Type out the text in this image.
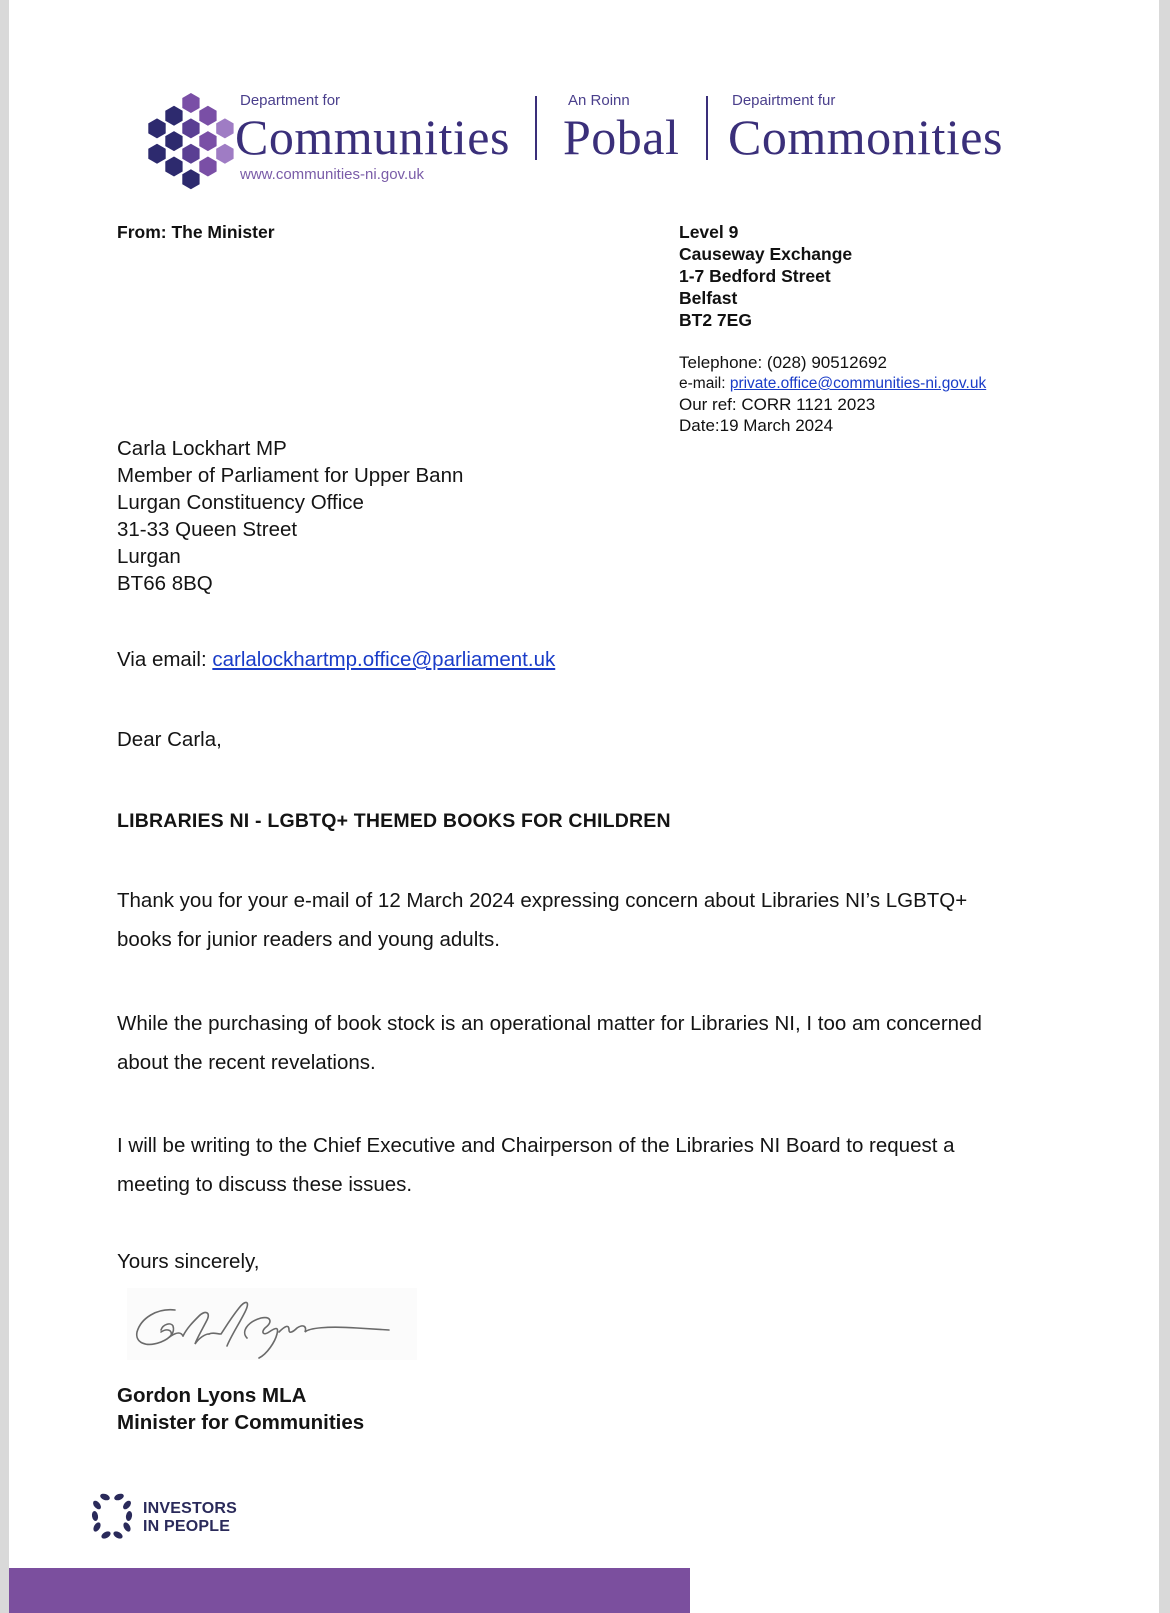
Department for
Communities
www.communities-ni.gov.uk
An Roinn
Pobal
Depairtment fur
Commonities
From: The Minister	Level 9
Causeway Exchange
1-7 Bedford Street
Belfast
BT2 7EG
Telephone: (028) 90512692
e-mail: private.office@communities-ni.gov.uk
Our ref: CORR 1121 2023
Date:19 March 2024
Carla Lockhart MP
Member of Parliament for Upper Bann
Lurgan Constituency Office
31-33 Queen Street
Lurgan
BT66 8BQ
Via email: carlalockhartmp.office@parliament.uk
Dear Carla,
LIBRARIES NI - LGBTQ+ THEMED BOOKS FOR CHILDREN
Thank you for your e-mail of 12 March 2024 expressing concern about Libraries NI’s LGBTQ+ books for junior readers and young adults.
While the purchasing of book stock is an operational matter for Libraries NI, I too am concerned about the recent revelations.
I will be writing to the Chief Executive and Chairperson of the Libraries NI Board to request a meeting to discuss these issues.
Yours sincerely,
Gordon Lyons MLA
Minister for Communities
INVESTORS
IN PEOPLE
